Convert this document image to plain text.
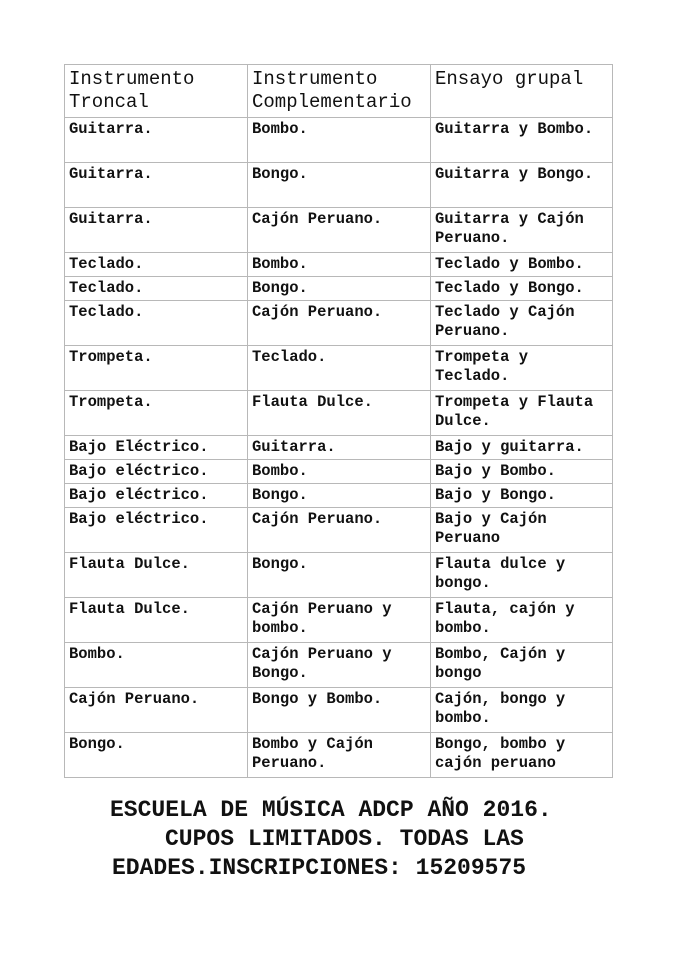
Instrumento Troncal	Instrumento Complementario	Ensayo grupal
Guitarra.	Bombo.	Guitarra y Bombo.
Guitarra.	Bongo.	Guitarra y Bongo.
Guitarra.	Cajón Peruano.	Guitarra y Cajón Peruano.
Teclado.	Bombo.	Teclado y Bombo.
Teclado.	Bongo.	Teclado y Bongo.
Teclado.	Cajón Peruano.	Teclado y Cajón Peruano.
Trompeta.	Teclado.	Trompeta y Teclado.
Trompeta.	Flauta Dulce.	Trompeta y Flauta Dulce.
Bajo Eléctrico.	Guitarra.	Bajo y guitarra.
Bajo eléctrico.	Bombo.	Bajo y Bombo.
Bajo eléctrico.	Bongo.	Bajo y Bongo.
Bajo eléctrico.	Cajón Peruano.	Bajo y Cajón Peruano
Flauta Dulce.	Bongo.	Flauta dulce y bongo.
Flauta Dulce.	Cajón Peruano y bombo.	Flauta, cajón y bombo.
Bombo.	Cajón Peruano y Bongo.	Bombo, Cajón y bongo
Cajón Peruano.	Bongo y Bombo.	Cajón, bongo y bombo.
Bongo.	Bombo y Cajón Peruano.	Bongo, bombo y cajón peruano
ESCUELA DE MÚSICA ADCP AÑO 2016.
CUPOS LIMITADOS. TODAS LAS
EDADES.INSCRIPCIONES: 15209575
